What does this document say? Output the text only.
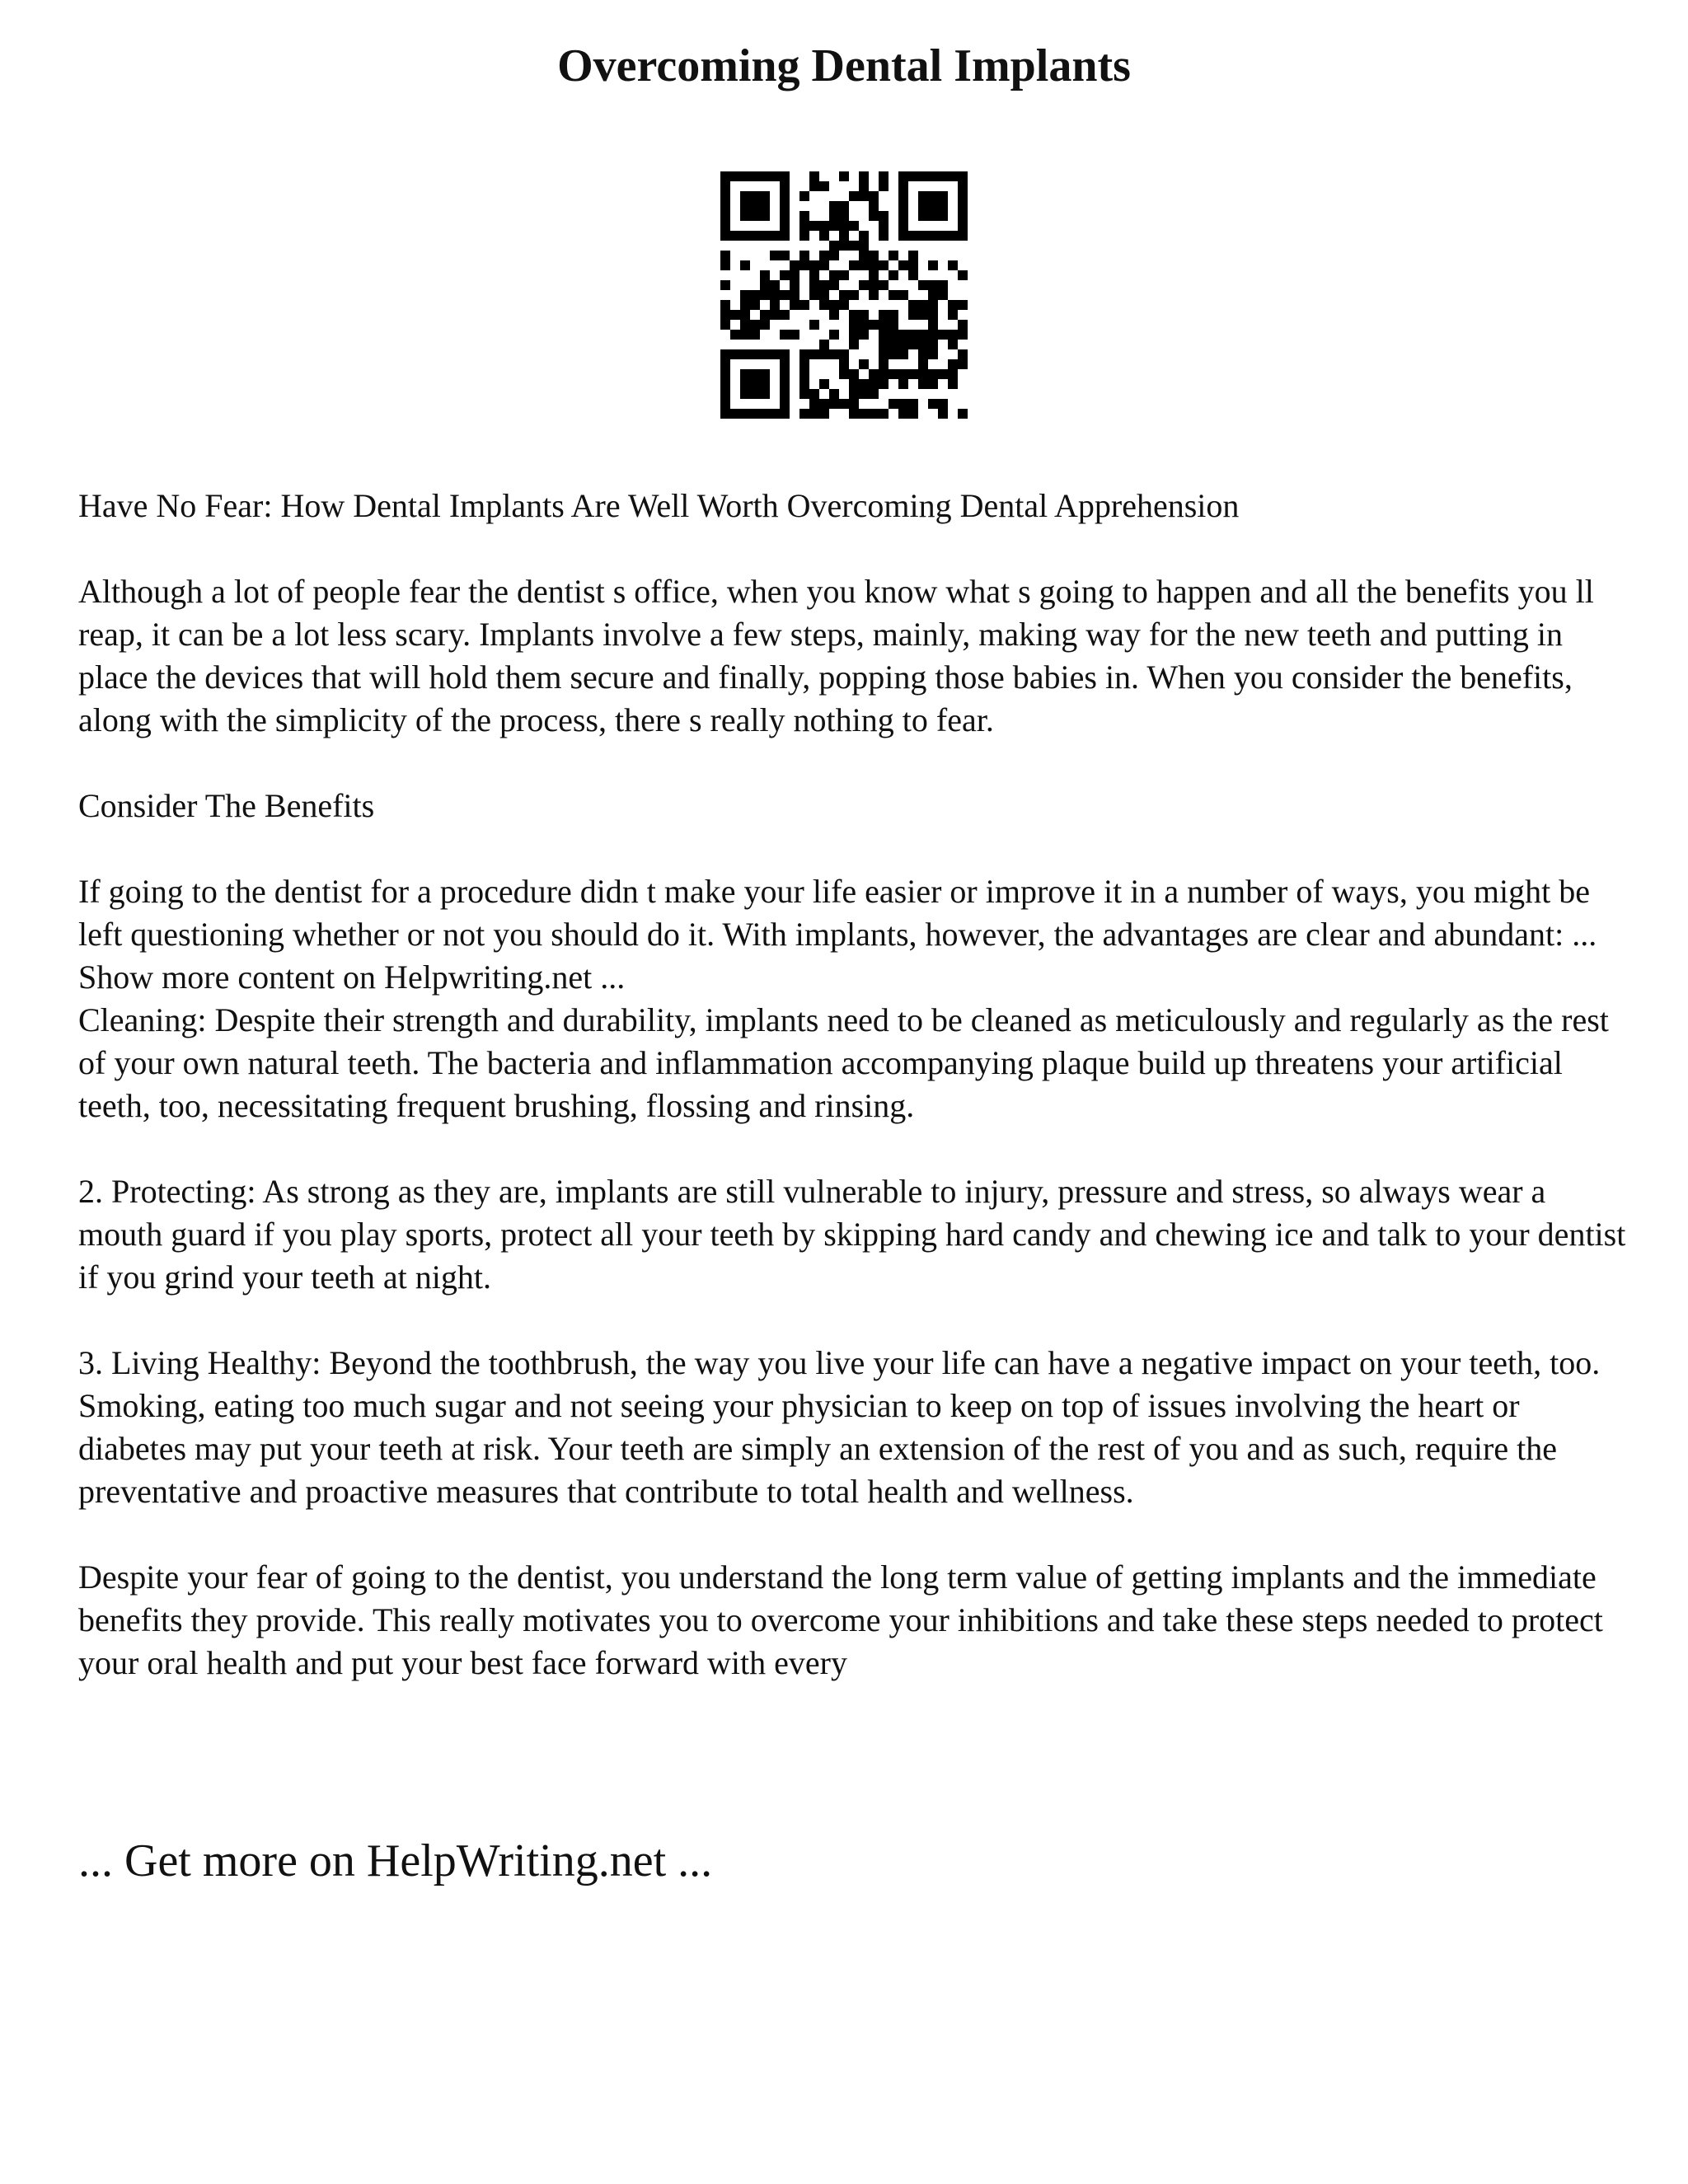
Overcoming Dental Implants

Have No Fear: How Dental Implants Are Well Worth Overcoming Dental Apprehension

Although a lot of people fear the dentist s office, when you know what s going to happen and all the benefits you ll reap, it can be a lot less scary. Implants involve a few steps, mainly, making way for the new teeth and putting in place the devices that will hold them secure and finally, popping those babies in. When you consider the benefits, along with the simplicity of the process, there s really nothing to fear.

Consider The Benefits

If going to the dentist for a procedure didn t make your life easier or improve it in a number of ways, you might be left questioning whether or not you should do it. With implants, however, the advantages are clear and abundant: ... Show more content on Helpwriting.net ...

Cleaning: Despite their strength and durability, implants need to be cleaned as meticulously and regularly as the rest of your own natural teeth. The bacteria and inflammation accompanying plaque build up threatens your artificial teeth, too, necessitating frequent brushing, flossing and rinsing.

2. Protecting: As strong as they are, implants are still vulnerable to injury, pressure and stress, so always wear a mouth guard if you play sports, protect all your teeth by skipping hard candy and chewing ice and talk to your dentist if you grind your teeth at night.

3. Living Healthy: Beyond the toothbrush, the way you live your life can have a negative impact on your teeth, too. Smoking, eating too much sugar and not seeing your physician to keep on top of issues involving the heart or diabetes may put your teeth at risk. Your teeth are simply an extension of the rest of you and as such, require the preventative and proactive measures that contribute to total health and wellness.

Despite your fear of going to the dentist, you understand the long term value of getting implants and the immediate benefits they provide. This really motivates you to overcome your inhibitions and take these steps needed to protect your oral health and put your best face forward with every

... Get more on HelpWriting.net ...
